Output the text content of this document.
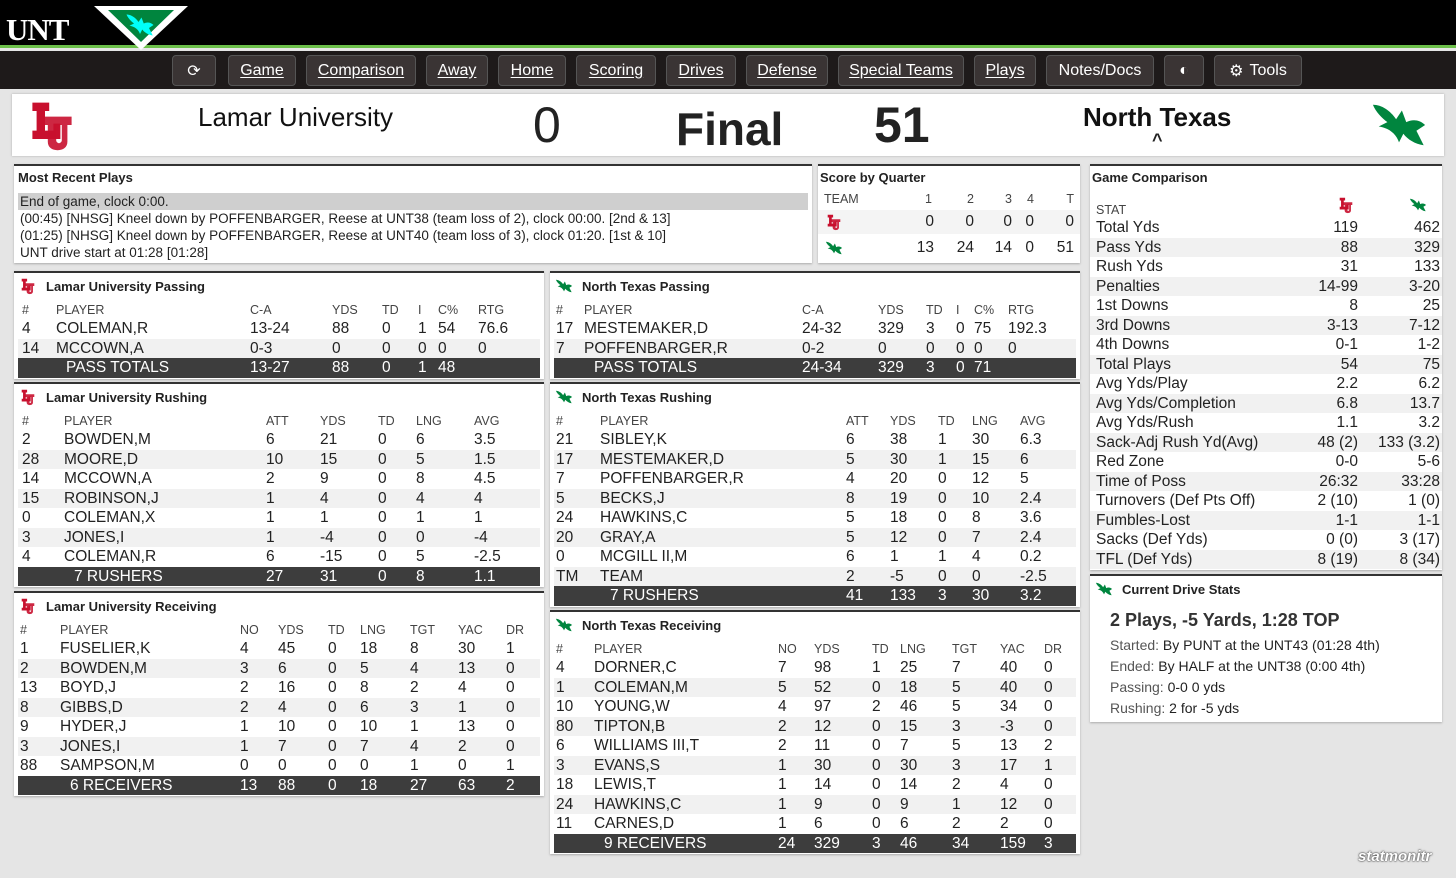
UNT
⟳	Game	Comparison	Away	Home	Scoring	Drives	Defense	Special Teams	Plays	Notes/Docs	◐	⚙ Tools
Lamar University	0	Final 51	North Texas
^
Most Recent Plays
End of game, clock 0:00.
(00:45) [NHSG] Kneel down by POFFENBARGER, Reese at UNT38 (team loss of 2), clock 00:00. [2nd & 13]
(01:25) [NHSG] Kneel down by POFFENBARGER, Reese at UNT40 (team loss of 3), clock 01:20. [1st & 10]
UNT drive start at 01:28 [01:28]
Score by Quarter
TEAM	1	2 3 4	T
0 0 0 0 0
13 24 14 0 51
Lamar University Passing
# PLAYER	C-A	YDS TD I C% RTG
4 COLEMAN,R	13-24	88 0 1 54 76.6
14 MCCOWN,A	0-3	0	0 0 0 0
PASS TOTALS	13-27	88 0 1 48
North Texas Passing
# PLAYER	C-A	YDS TD I C% RTG
17 MESTEMAKER,D	24-32 329 3 0 75 192.3
7 POFFENBARGER,R	0-2	0	0 0 0 0
PASS TOTALS	24-34 329 3 0 71
Lamar University Rushing
#	PLAYER	ATT	YDS	TD LNG	AVG
2 BOWDEN,M	6	21	0 6	3.5
28 MOORE,D	10 15	0 5	1.5
14 MCCOWN,A	2	9	0 8	4.5
15 ROBINSON,J	1	4	0 4	4
0 COLEMAN,X	1	1	0 1	1
3 JONES,I	1	-4	0 0	-4
4 COLEMAN,R	6	-15 0 5	-2.5
7 RUSHERS	27 31	0 8	1.1
North Texas Rushing
#	PLAYER	ATT YDS TD LNG AVG
21 SIBLEY,K	6 38 1 30 6.3
17 MESTEMAKER,D	5 30 1 15 6
7 POFFENBARGER,R	4 20 0 12 5
5 BECKS,J	8 19 0 10 2.4
24 HAWKINS,C	5 18 0 8	3.6
20 GRAY,A	5 12 0 7	2.4
0 MCGILL II,M	6 1	1 4	0.2
TM TEAM	2 -5 0 0	-2.5
7 RUSHERS	41 133 3 30 3.2
Lamar University Receiving
#	PLAYER	NO YDS TD LNG TGT YAC DR
1 FUSELIER,K	4 45 0 18 8	30 1
2 BOWDEN,M	3 6	0 5	4	13 0
13 BOYD,J	2 16 0 8	2	4	0
8 GIBBS,D	2 4	0 6	3	1	0
9 HYDER,J	1 10 0 10 1	13 0
3 JONES,I	1 7	0 7	4	2	0
88 SAMPSON,M	0 0	0 0	1	0	1
6 RECEIVERS	13 88 0 18 27 63 2
North Texas Receiving
# PLAYER	NO YDS	TD LNG TGT YAC DR
4 DORNER,C	7 98	1 25 7	40 0
1 COLEMAN,M	5 52	0 18 5	40 0
10 YOUNG,W	4 97	2 46 5	34 0
80 TIPTON,B	2 12	0 15 3	-3 0
6 WILLIAMS III,T	2 11	0 7	5	13 2
3 EVANS,S	1 30	0 30 3	17 1
18 LEWIS,T	1 14	0 14 2	4 0
24 HAWKINS,C	1 9	0 9	1	12 0
11 CARNES,D	1 6	0 6	2	2 0
9 RECEIVERS	24 329 3 46 34 159 3
Game Comparison
STAT
Total Yds	119	462
Pass Yds	88	329
Rush Yds	31	133
Penalties	14-99	3-20
1st Downs	8	25
3rd Downs	3-13	7-12
4th Downs	0-1	1-2
Total Plays	54	75
Avg Yds/Play	2.2	6.2
Avg Yds/Completion	6.8	13.7
Avg Yds/Rush	1.1	3.2
Sack-Adj Rush Yd(Avg)	48 (2) 133 (3.2)
Red Zone	0-0	5-6
Time of Poss	26:32	33:28
Turnovers (Def Pts Off)	2 (10)	1 (0)
Fumbles-Lost	1-1	1-1
Sacks (Def Yds)	0 (0)	3 (17)
TFL (Def Yds)	8 (19)	8 (34)
Current Drive Stats
2 Plays, -5 Yards, 1:28 TOP
Started: By PUNT at the UNT43 (01:28 4th)
Ended: By HALF at the UNT38 (0:00 4th)
Passing: 0-0 0 yds
Rushing: 2 for -5 yds
statmonitr
